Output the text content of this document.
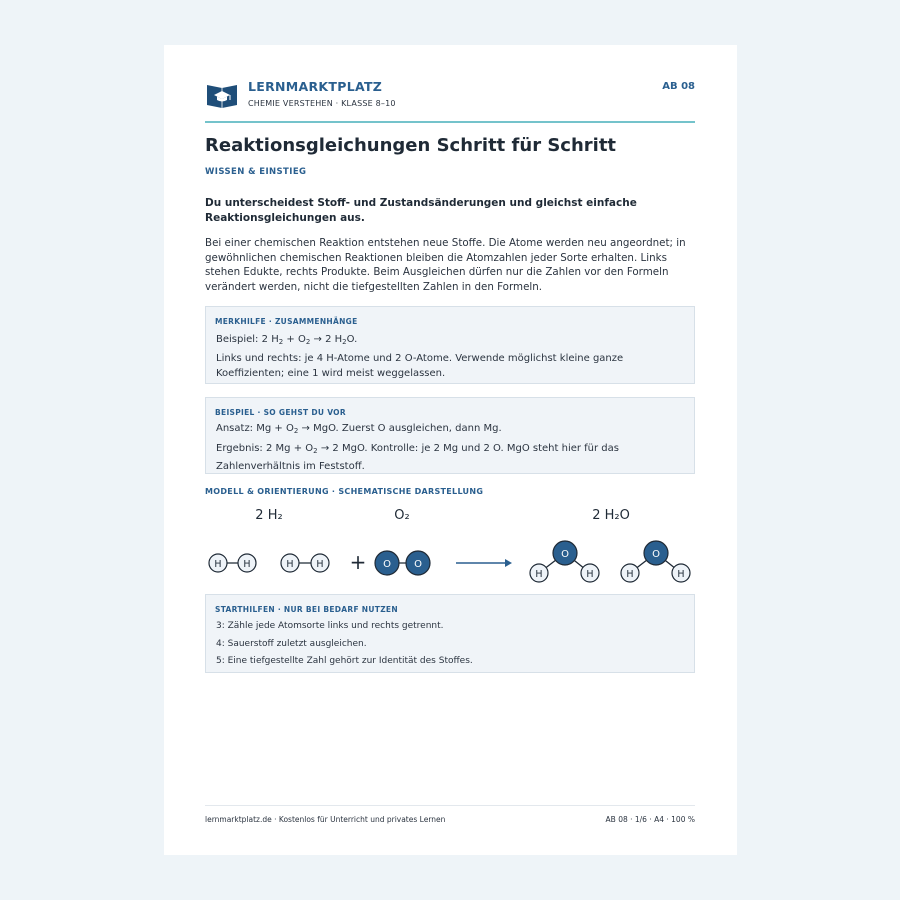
LERNMARKTPLATZ
CHEMIE VERSTEHEN · KLASSE 8–10
AB 08
Reaktionsgleichungen Schritt für Schritt
WISSEN & EINSTIEG
Du unterscheidest Stoff- und Zustandsänderungen und gleichst einfache Reaktionsgleichungen aus.
Bei einer chemischen Reaktion entstehen neue Stoffe. Die Atome werden neu angeordnet; in gewöhnlichen chemischen Reaktionen bleiben die Atomzahlen jeder Sorte erhalten. Links stehen Edukte, rechts Produkte. Beim Ausgleichen dürfen nur die Zahlen vor den Formeln verändert werden, nicht die tiefgestellten Zahlen in den Formeln.
MERKHILFE · ZUSAMMENHÄNGE
Beispiel: 2 $H_2 + O_2 \to 2$ $H_2O$.
Links und rechts: je 4 H-Atome und 2 O-Atome. Verwende möglichst kleine ganze Koeffizienten; eine 1 wird meist weggelassen.
BEISPIEL · SO GEHST DU VOR
Ansatz: $Mg + O_2$ → MgO. Zuerst O ausgleichen, dann Mg.
Ergebnis: 2 $Mg + O_2 \to 2$ MgO. Kontrolle: je 2 Mg und 2 O. MgO steht hier für das Zahlenverhältnis im Feststoff.
MODELL & ORIENTIERUNG · SCHEMATISCHE DARSTELLUNG
2 H₂	O₂	2 H₂O
H H	H H + O O
O
H	H
O
H	H
STARTHILFEN · NUR BEI BEDARF NUTZEN
3: Zähle jede Atomsorte links und rechts getrennt.
4: Sauerstoff zuletzt ausgleichen.
5: Eine tiefgestellte Zahl gehört zur Identität des Stoffes.
lernmarktplatz.de · Kostenlos für Unterricht und privates Lernen	AB 08 · 1/6 · A4 · 100 %
